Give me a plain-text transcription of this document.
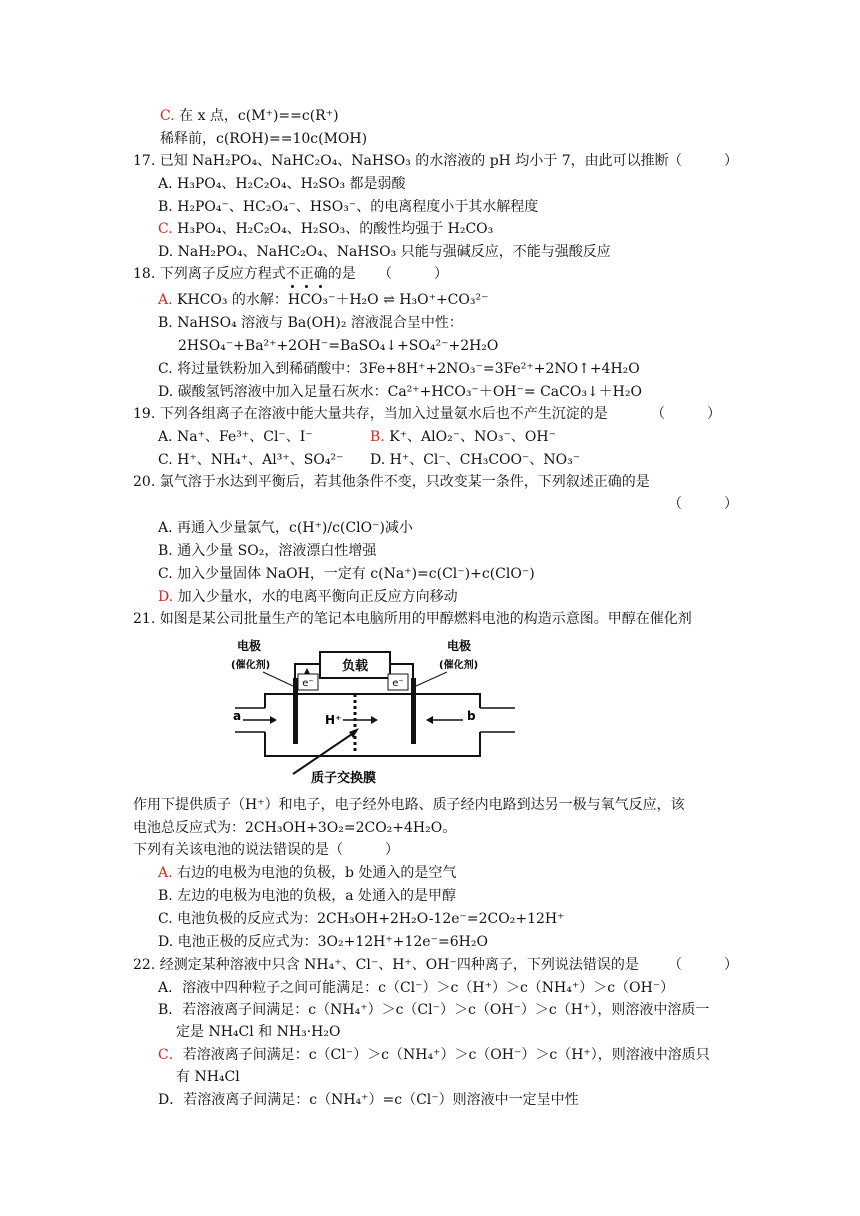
C. 在 x 点，c(M⁺)==c(R⁺)
稀释前，c(ROH)==10c(MOH)
17. 已知 NaH₂PO₄、NaHC₂O₄、NaHSO₃ 的水溶液的 pH 均小于 7，由此可以推断 （　　　）
A. H₃PO₄、H₂C₂O₄、H₂SO₃ 都是弱酸
B. H₂PO₄⁻、HC₂O₄⁻、HSO₃⁻、的电离程度小于其水解程度
C. H₃PO₄、H₂C₂O₄、H₂SO₃、的酸性均强于 H₂CO₃
D. NaH₂PO₄、NaHC₂O₄、NaHSO₃ 只能与强碱反应，不能与强酸反应
18. 下列离子反应方程式不正确的是 （　　　）
A. KHCO₃ 的水解：HCO₃⁻＋H₂O ⇌ H₃O⁺+CO₃²⁻
B. NaHSO₄ 溶液与 Ba(OH)₂ 溶液混合呈中性：
2HSO₄⁻+Ba²⁺+2OH⁻=BaSO₄↓+SO₄²⁻+2H₂O
C. 将过量铁粉加入到稀硝酸中：3Fe+8H⁺+2NO₃⁻=3Fe²⁺+2NO↑+4H₂O
D. 碳酸氢钙溶液中加入足量石灰水：Ca²⁺+HCO₃⁻＋OH⁻= CaCO₃↓＋H₂O
19. 下列各组离子在溶液中能大量共存，当加入过量氨水后也不产生沉淀的是	（　　　）
A. Na⁺、Fe³⁺、Cl⁻、I⁻	B. K⁺、AlO₂⁻、NO₃⁻、OH⁻
C. H⁺、NH₄⁺、Al³⁺、SO₄²⁻ D. H⁺、Cl⁻、CH₃COO⁻、NO₃⁻
20. 氯气溶于水达到平衡后，若其他条件不变，只改变某一条件，下列叙述正确的是
（　　　）
A. 再通入少量氯气，c(H⁺)/c(ClO⁻)减小
B. 通入少量 SO₂，溶液漂白性增强
C. 加入少量固体 NaOH，一定有 c(Na⁺)=c(Cl⁻)+c(ClO⁻)
D. 加入少量水，水的电离平衡向正反应方向移动
21. 如图是某公司批量生产的笔记本电脑所用的甲醇燃料电池的构造示意图。甲醇在催化剂
负载
e⁻	e⁻
电极
(催化剂)
电极
(催化剂)
a	b
H⁺
质子交换膜
作用下提供质子（H⁺）和电子，电子经外电路、质子经内电路到达另一极与氧气反应，该
电池总反应式为：2CH₃OH+3O₂=2CO₂+4H₂O。
下列有关该电池的说法错误的是（　　　）
A. 右边的电极为电池的负极，b 处通入的是空气
B. 左边的电极为电池的负极，a 处通入的是甲醇
C. 电池负极的反应式为：2CH₃OH+2H₂O-12e⁻=2CO₂+12H⁺
D. 电池正极的反应式为：3O₂+12H⁺+12e⁻=6H₂O
22. 经测定某种溶液中只含 NH₄⁺、Cl⁻、H⁺、OH⁻四种离子，下列说法错误的是 （　　　）
A．溶液中四种粒子之间可能满足：c（Cl⁻）＞c（H⁺）＞c（NH₄⁺）＞c（OH⁻）
B．若溶液离子间满足：c（NH₄⁺）＞c（Cl⁻）＞c（OH⁻）＞c（H⁺），则溶液中溶质一
定是 NH₄Cl 和 NH₃·H₂O
C．若溶液离子间满足：c（Cl⁻）＞c（NH₄⁺）＞c（OH⁻）＞c（H⁺），则溶液中溶质只
有 NH₄Cl
D．若溶液离子间满足：c（NH₄⁺）=c（Cl⁻）则溶液中一定呈中性
